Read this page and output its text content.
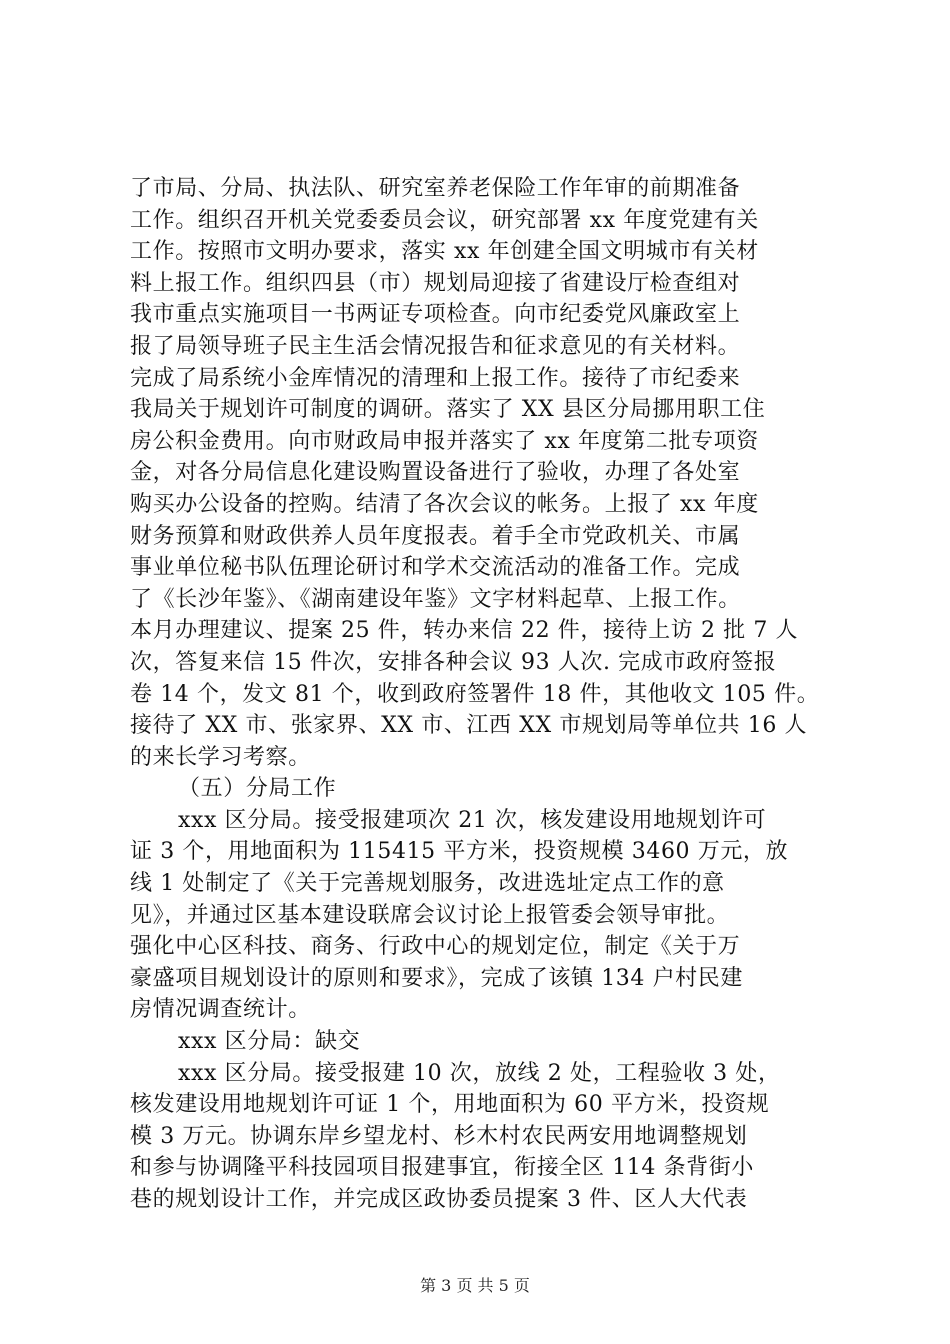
了市局、分局、执法队、研究室养老保险工作年审的前期准备
工作。组织召开机关党委委员会议，研究部署 xx 年度党建有关
工作。按照市文明办要求，落实 xx 年创建全国文明城市有关材
料上报工作。组织四县（市）规划局迎接了省建设厅检查组对
我市重点实施项目一书两证专项检查。向市纪委党风廉政室上
报了局领导班子民主生活会情况报告和征求意见的有关材料。
完成了局系统小金库情况的清理和上报工作。接待了市纪委来
我局关于规划许可制度的调研。落实了 XX 县区分局挪用职工住
房公积金费用。向市财政局申报并落实了 xx 年度第二批专项资
金，对各分局信息化建设购置设备进行了验收，办理了各处室
购买办公设备的控购。结清了各次会议的帐务。上报了 xx 年度
财务预算和财政供养人员年度报表。着手全市党政机关、市属
事业单位秘书队伍理论研讨和学术交流活动的准备工作。完成
了《长沙年鉴》、《湖南建设年鉴》文字材料起草、上报工作。
本月办理建议、提案 25 件，转办来信 22 件，接待上访 2 批 7 人
次，答复来信 15 件次，安排各种会议 93 人次. 完成市政府签报
卷 14 个，发文 81 个，收到政府签署件 18 件，其他收文 105 件。
接待了 XX 市、张家界、XX 市、江西 XX 市规划局等单位共 16 人
的来长学习考察。
（五）分局工作
xxx 区分局。接受报建项次 21 次，核发建设用地规划许可
证 3 个，用地面积为 115415 平方米，投资规模 3460 万元，放
线 1 处制定了《关于完善规划服务，改进选址定点工作的意
见》，并通过区基本建设联席会议讨论上报管委会领导审批。
强化中心区科技、商务、行政中心的规划定位，制定《关于万
豪盛项目规划设计的原则和要求》，完成了该镇 134 户村民建
房情况调查统计。
xxx 区分局：缺交
xxx 区分局。接受报建 10 次，放线 2 处，工程验收 3 处，
核发建设用地规划许可证 1 个，用地面积为 60 平方米，投资规
模 3 万元。协调东岸乡望龙村、杉木村农民两安用地调整规划
和参与协调隆平科技园项目报建事宜，衔接全区 114 条背街小
巷的规划设计工作，并完成区政协委员提案 3 件、区人大代表
第 3 页 共 5 页
